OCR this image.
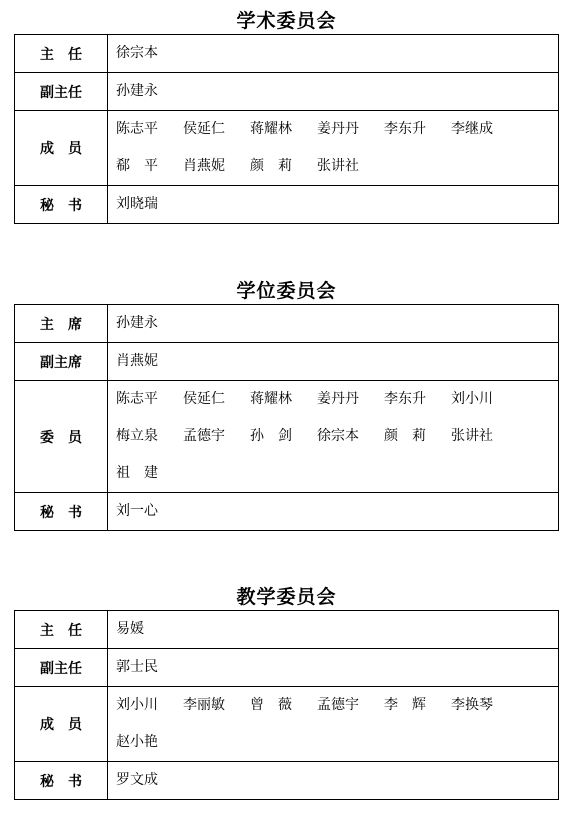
学术委员会
主　任	徐宗本
副主任	孙建永
成　员	陈志平 侯延仁 蒋耀林 姜丹丹 李东升 李继成郗　平 肖燕妮 颜　莉 张讲社
秘　书	刘晓瑞
学位委员会
主　席	孙建永
副主席	肖燕妮
委　员	陈志平 侯延仁 蒋耀林 姜丹丹 李东升 刘小川梅立泉 孟德宇 孙　剑 徐宗本 颜　莉 张讲社祖　建
秘　书	刘一心
教学委员会
主　任	易媛
副主任	郭士民
成　员	刘小川 李丽敏 曾　薇 孟德宇 李　辉 李换琴赵小艳
秘　书	罗文成
